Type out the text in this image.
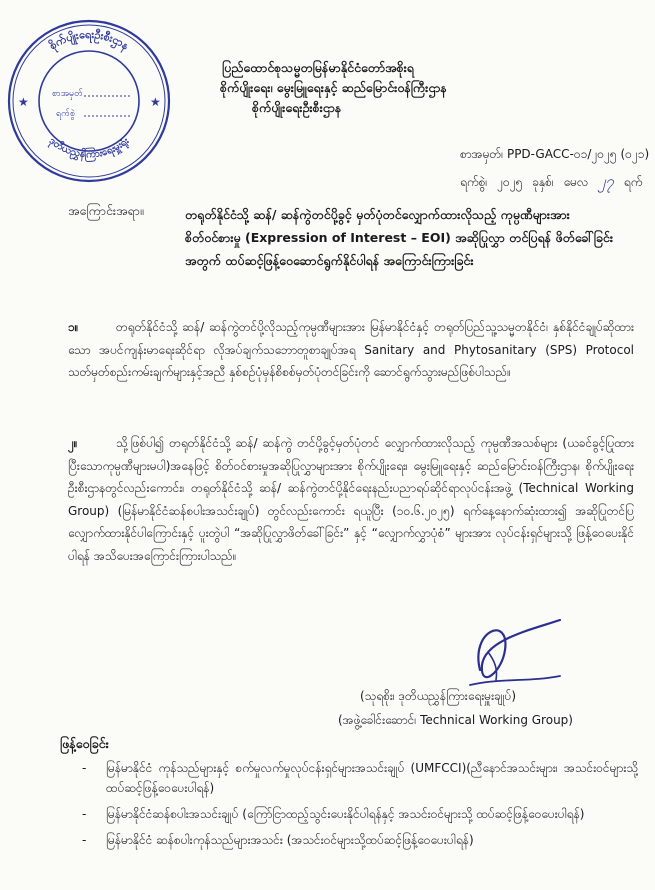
စိုက်ပျိုးရေးဦးစီးဌာန
ဒုတိယညွှန်ကြားရေးမှူးရုံး
★	★
စာအမှတ်
ရက်စွဲ
ပြည်ထောင်စုသမ္မတမြန်မာနိုင်ငံတော်အစိုးရ
စိုက်ပျိုးရေး၊ မွေးမြူရေးနှင့် ဆည်မြောင်းဝန်ကြီးဌာန
စိုက်ပျိုးရေးဦးစီးဌာန
စာအမှတ်၊ PPD-GACC-၀၁/၂၀၂၅ (၀၂၁)
ရက်စွဲ၊ ၂၀၂၅ ခုနှစ်၊ မေလ ၂၇ ရက်
အကြောင်းအရာ။	တရုတ်နိုင်ငံသို့ ဆန်/ ဆန်ကွဲတင်ပို့ခွင့် မှတ်ပုံတင်လျှောက်ထားလိုသည့် ကုမ္ပဏီများအား စိတ်ဝင်စားမှု (Expression of Interest – EOI) အဆိုပြုလွှာ တင်ပြရန် ဖိတ်ခေါ်ခြင်းအတွက် ထပ်ဆင့်ဖြန့်ဝေဆောင်ရွက်နိုင်ပါရန် အကြောင်းကြားခြင်း
၁။	တရုတ်နိုင်ငံသို့ ဆန်/ ဆန်ကွဲတင်ပို့လိုသည့်ကုမ္ပဏီများအား မြန်မာနိုင်ငံနှင့် တရုတ်ပြည်သူ့သမ္မတနိုင်ငံ၊ နှစ်နိုင်ငံချုပ်ဆိုထားသော အပင်ကျန်းမာရေးဆိုင်ရာ လိုအပ်ချက်သဘောတူစာချုပ်အရ Sanitary and Phytosanitary (SPS) Protocol သတ်မှတ်စည်းကမ်းချက်များနှင့်အညီ နှစ်စဉ်ပုံမှန်စိစစ်မှတ်ပုံတင်ခြင်းကို ဆောင်ရွက်သွားမည်ဖြစ်ပါသည်။
၂။	သို့ဖြစ်ပါ၍ တရုတ်နိုင်ငံသို့ ဆန်/ ဆန်ကွဲ တင်ပို့ခွင့်မှတ်ပုံတင် လျှောက်ထားလိုသည့် ကုမ္ပဏီအသစ်များ (ယခင်ခွင့်ပြုထားပြီးသောကုမ္ပဏီများမပါ)အနေဖြင့် စိတ်ဝင်စားမှုအဆိုပြုလွှာများအား စိုက်ပျိုးရေး၊ မွေးမြူရေးနှင့် ဆည်မြောင်းဝန်ကြီးဌာန၊ စိုက်ပျိုးရေးဦးစီးဌာနတွင်လည်းကောင်း၊ တရုတ်နိုင်ငံသို့ ဆန်/ ဆန်ကွဲတင်ပို့နိုင်ရေးနည်းပညာရပ်ဆိုင်ရာလုပ်ငန်းအဖွဲ့ (Technical Working Group) (မြန်မာနိုင်ငံဆန်စပါးအသင်းချုပ်) တွင်လည်းကောင်း ရယူပြီး (၁၀.၆.၂၀၂၅) ရက်နေ့နောက်ဆုံးထား၍ အဆိုပြုတင်ပြလျှောက်ထားနိုင်ပါကြောင်းနှင့် ပူးတွဲပါ “အဆိုပြုလွှာဖိတ်ခေါ်ခြင်း” နှင့် “လျှောက်လွှာပုံစံ” များအား လုပ်ငန်းရှင်များသို့ ဖြန့်ဝေပေးနိုင်ပါရန် အသိပေးအကြောင်းကြားပါသည်။
(သုရစိုး၊ ဒုတိယညွှန်ကြားရေးမှူးချုပ်)
(အဖွဲ့ခေါင်းဆောင်၊ Technical Working Group)
ဖြန့်ဝေခြင်း
- မြန်မာနိုင်ငံ ကုန်သည်များနှင့် စက်မှုလက်မှုလုပ်ငန်းရှင်များအသင်းချုပ် (UMFCCI)(ညီနောင်အသင်းများ၊ အသင်းဝင်များသို့ ထပ်ဆင့်ဖြန့်ဝေပေးပါရန်)
- မြန်မာနိုင်ငံဆန်စပါးအသင်းချုပ် (ကြော်ငြာထည့်သွင်းပေးနိုင်ပါရန်နှင့် အသင်းဝင်များသို့ ထပ်ဆင့်ဖြန့်ဝေပေးပါရန်)
- မြန်မာနိုင်ငံ ဆန်စပါးကုန်သည်များအသင်း (အသင်းဝင်များသို့ထပ်ဆင့်ဖြန့်ဝေပေးပါရန်)
